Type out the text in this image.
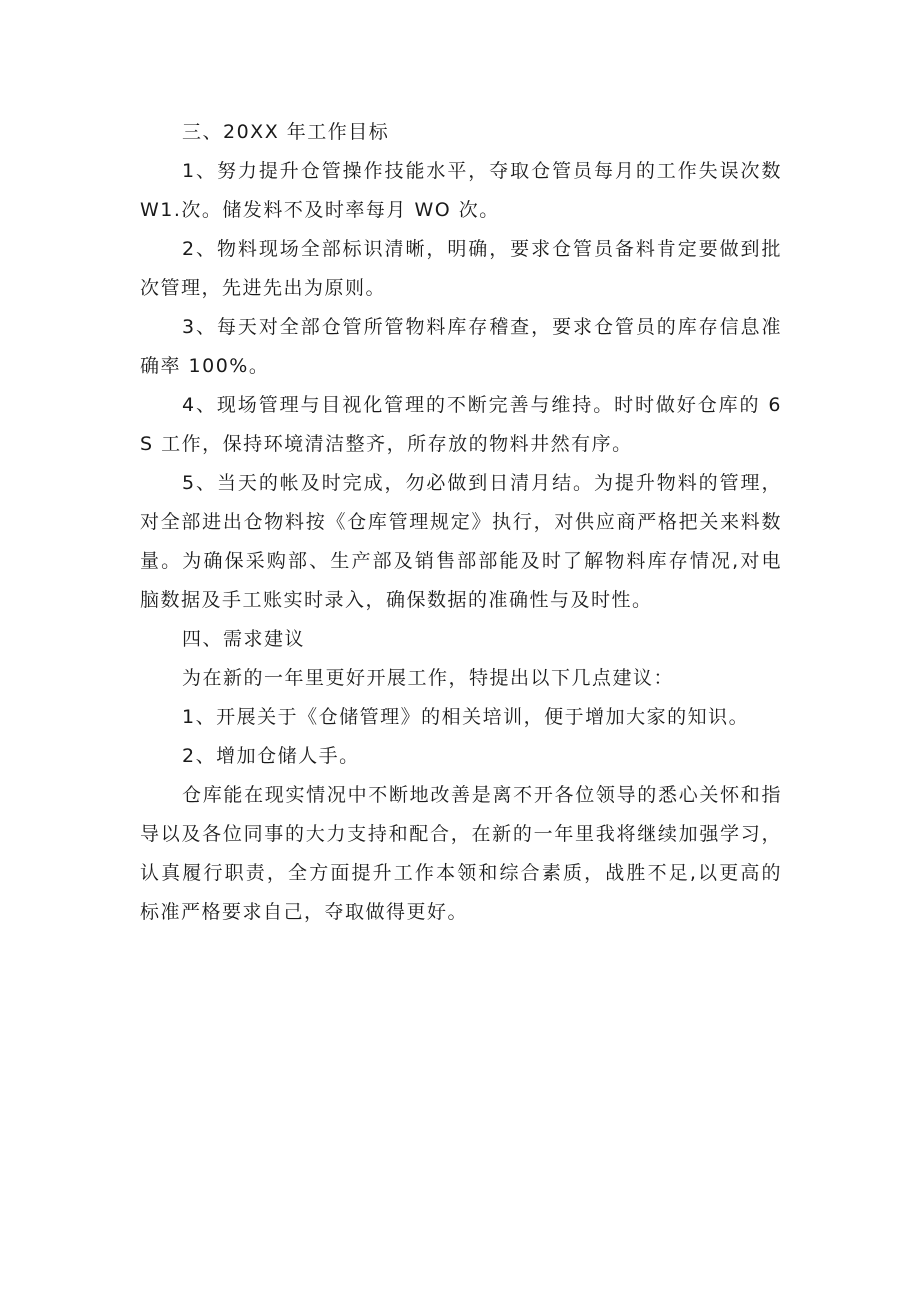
三、20XX 年工作目标

1、努力提升仓管操作技能水平，夺取仓管员每月的工作失误次数W1.次。储发料不及时率每月 WO 次。

2、物料现场全部标识清晰，明确，要求仓管员备料肯定要做到批次管理，先进先出为原则。

3、每天对全部仓管所管物料库存稽查，要求仓管员的库存信息准确率 100%。

4、现场管理与目视化管理的不断完善与维持。时时做好仓库的 6S 工作，保持环境清洁整齐，所存放的物料井然有序。

5、当天的帐及时完成，勿必做到日清月结。为提升物料的管理，对全部进出仓物料按《仓库管理规定》执行，对供应商严格把关来料数量。为确保采购部、生产部及销售部部能及时了解物料库存情况,对电脑数据及手工账实时录入，确保数据的准确性与及时性。

四、需求建议

为在新的一年里更好开展工作，特提出以下几点建议：

1、开展关于《仓储管理》的相关培训，便于增加大家的知识。

2、增加仓储人手。

仓库能在现实情况中不断地改善是离不开各位领导的悉心关怀和指导以及各位同事的大力支持和配合，在新的一年里我将继续加强学习，认真履行职责，全方面提升工作本领和综合素质，战胜不足,以更高的标准严格要求自己，夺取做得更好。
